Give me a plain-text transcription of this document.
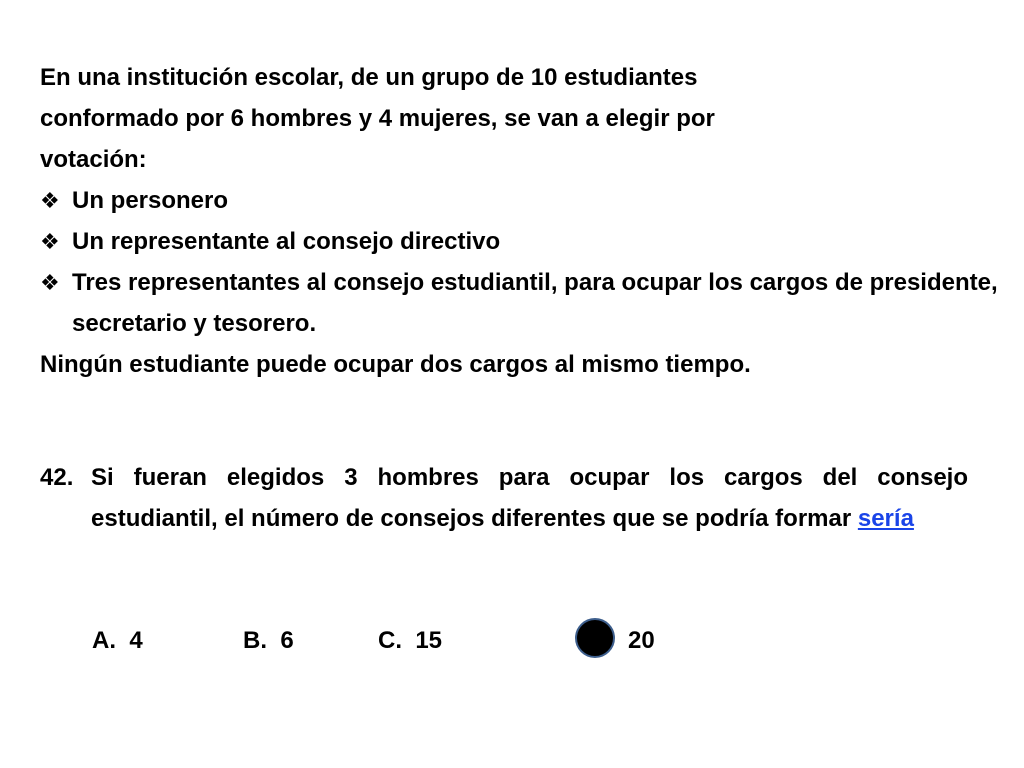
En una institución escolar, de un grupo de 10 estudiantes

conformado por 6 hombres y 4 mujeres, se van a elegir por

votación:

❖ Un personero
❖ Un representante al consejo directivo
❖ Tres representantes al consejo estudiantil, para ocupar los cargos de presidente, secretario y tesorero.

Ningún estudiante puede ocupar dos cargos al mismo tiempo.

42. Si fueran elegidos 3 hombres para ocupar los cargos del consejo estudiantil, el número de consejos diferentes que se podría formar sería
A.  4	B.  6	C.  15	20
